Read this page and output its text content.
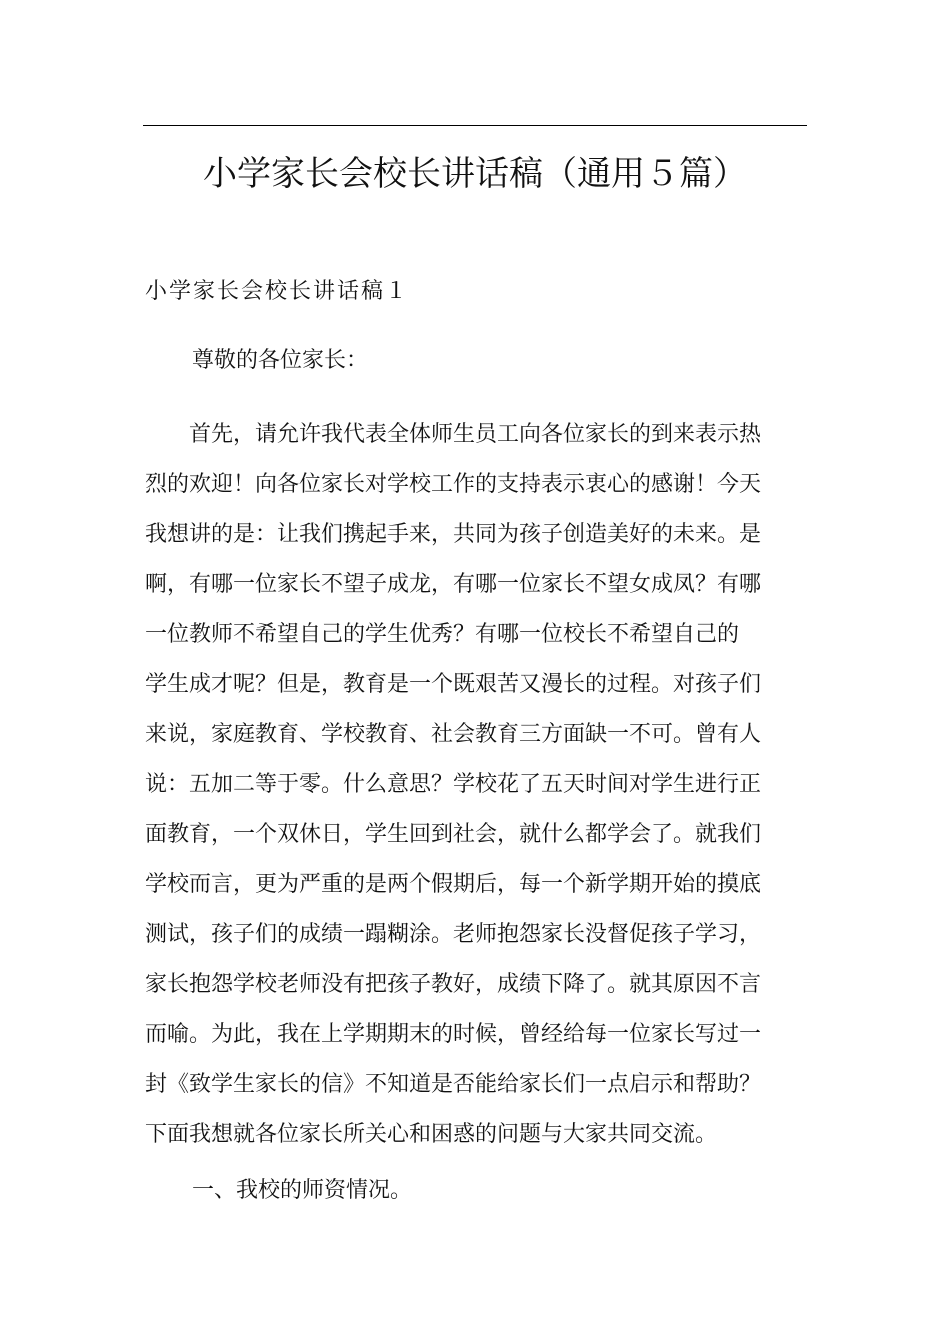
小学家长会校长讲话稿（通用５篇）
小学家长会校长讲话稿１
尊敬的各位家长：
　　首先，请允许我代表全体师生员工向各位家长的到来表示热
烈的欢迎！向各位家长对学校工作的支持表示衷心的感谢！今天
我想讲的是：让我们携起手来，共同为孩子创造美好的未来。是
啊，有哪一位家长不望子成龙，有哪一位家长不望女成凤？有哪
一位教师不希望自己的学生优秀？有哪一位校长不希望自己的
学生成才呢？但是，教育是一个既艰苦又漫长的过程。对孩子们
来说，家庭教育、学校教育、社会教育三方面缺一不可。曾有人
说：五加二等于零。什么意思？学校花了五天时间对学生进行正
面教育，一个双休日，学生回到社会，就什么都学会了。就我们
学校而言，更为严重的是两个假期后，每一个新学期开始的摸底
测试，孩子们的成绩一蹋糊涂。老师抱怨家长没督促孩子学习，
家长抱怨学校老师没有把孩子教好，成绩下降了。就其原因不言
而喻。为此，我在上学期期末的时候，曾经给每一位家长写过一
封《致学生家长的信》不知道是否能给家长们一点启示和帮助？
下面我想就各位家长所关心和困惑的问题与大家共同交流。
一、我校的师资情况。
